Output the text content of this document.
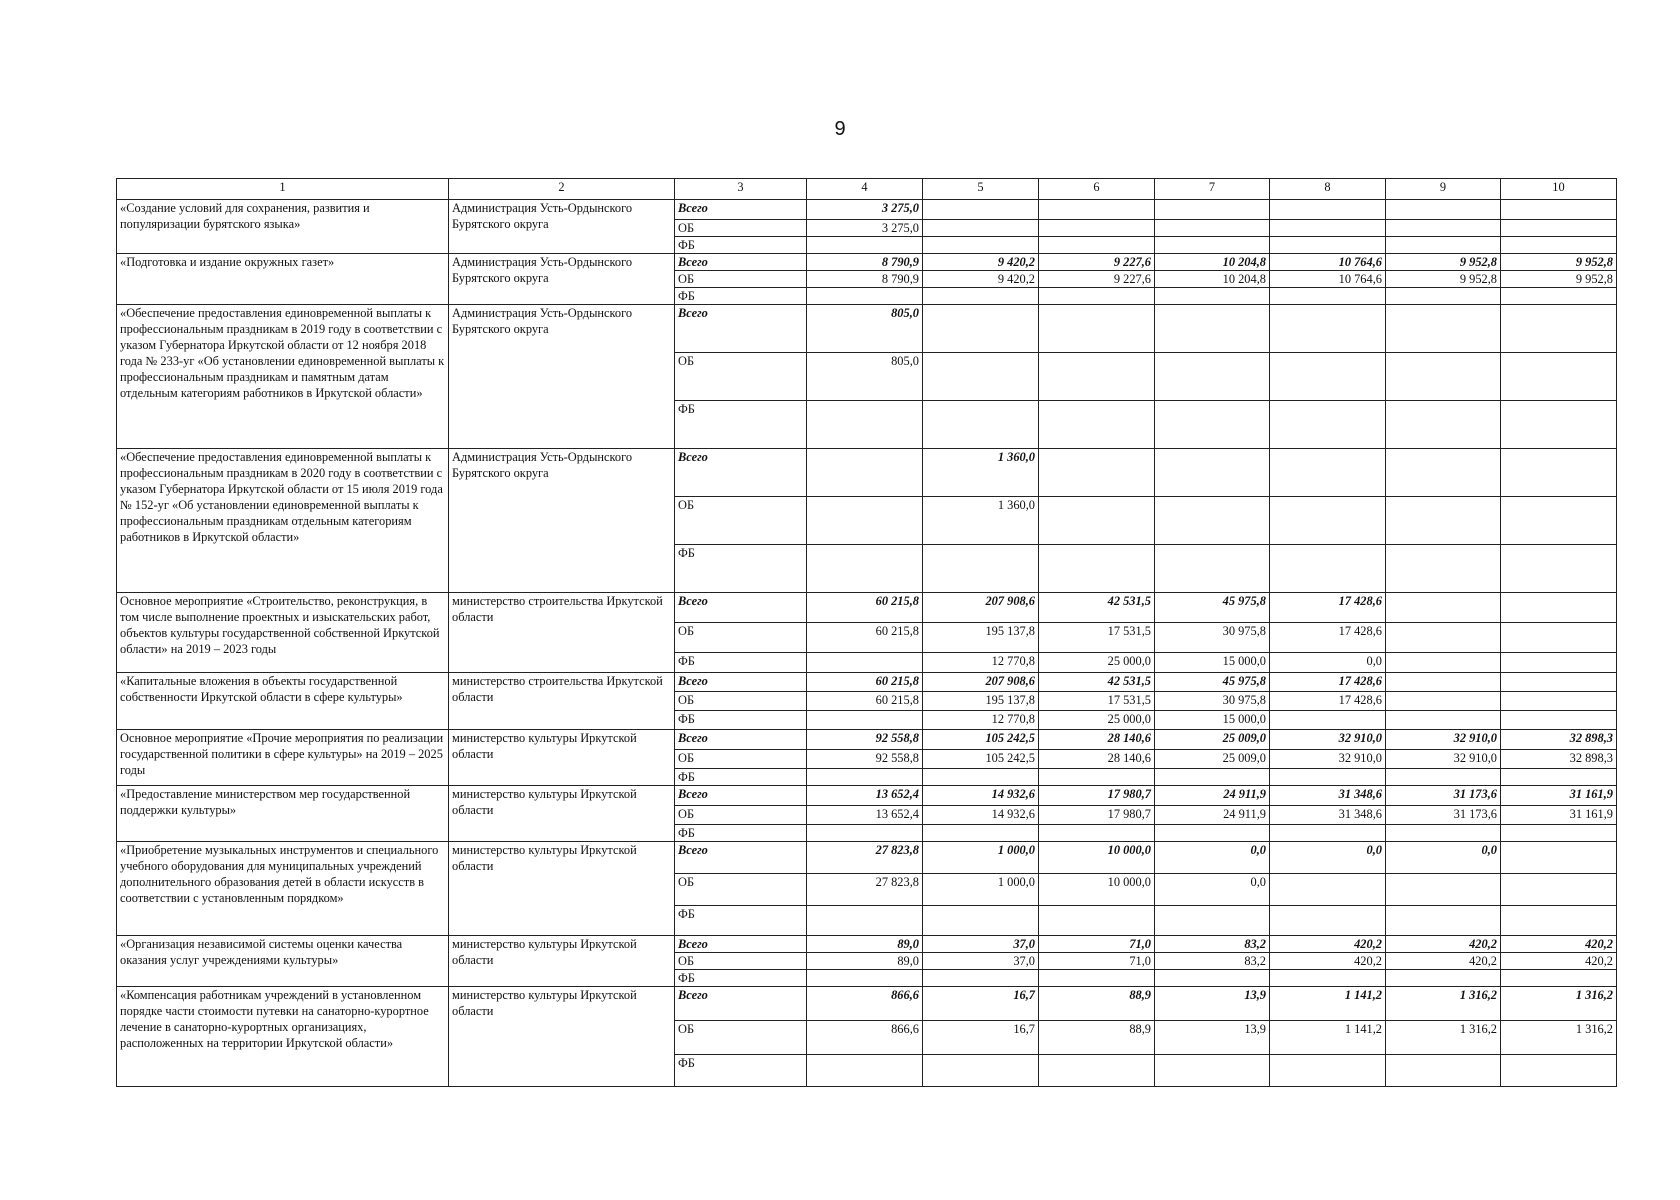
9
1	2	3	4	5	6	7	8	9	10
«Создание условий для сохранения, развития и популяризации бурятского языка»	Администрация Усть-Ордынского Бурятского округа	Всего	3 275,0						
		ОБ	3 275,0						
		ФБ							
«Подготовка и издание окружных газет»	Администрация Усть-Ордынского Бурятского округа	Всего	8 790,9	9 420,2	9 227,6	10 204,8	10 764,6	9 952,8	9 952,8
		ОБ	8 790,9	9 420,2	9 227,6	10 204,8	10 764,6	9 952,8	9 952,8
		ФБ							
«Обеспечение предоставления единовременной выплаты к профессиональным праздникам в 2019 году в соответствии с указом Губернатора Иркутской области от 12 ноября 2018 года № 233-уг «Об установлении единовременной выплаты к профессиональным праздникам и памятным датам отдельным категориям работников в Иркутской области»	Администрация Усть-Ордынского Бурятского округа	Всего	805,0						
		ОБ	805,0						
		ФБ							
«Обеспечение предоставления единовременной выплаты к профессиональным праздникам в 2020 году в соответствии с указом Губернатора Иркутской области от 15 июля 2019 года № 152-уг «Об установлении единовременной выплаты к профессиональным праздникам отдельным категориям работников в Иркутской области»	Администрация Усть-Ордынского Бурятского округа	Всего		1 360,0					
		ОБ		1 360,0					
		ФБ							
Основное мероприятие «Строительство, реконструкция, в том числе выполнение проектных и изыскательских работ, объектов культуры государственной собственной Иркутской области» на 2019 – 2023 годы	министерство строительства Иркутской области	Всего	60 215,8	207 908,6	42 531,5	45 975,8	17 428,6		
		ОБ	60 215,8	195 137,8	17 531,5	30 975,8	17 428,6		
		ФБ		12 770,8	25 000,0	15 000,0	0,0		
«Капитальные вложения в объекты государственной собственности Иркутской области в сфере культуры»	министерство строительства Иркутской области	Всего	60 215,8	207 908,6	42 531,5	45 975,8	17 428,6		
		ОБ	60 215,8	195 137,8	17 531,5	30 975,8	17 428,6		
		ФБ		12 770,8	25 000,0	15 000,0			
Основное мероприятие «Прочие мероприятия по реализации государственной политики в сфере культуры» на 2019 – 2025 годы	министерство культуры Иркутской области	Всего	92 558,8	105 242,5	28 140,6	25 009,0	32 910,0	32 910,0	32 898,3
		ОБ	92 558,8	105 242,5	28 140,6	25 009,0	32 910,0	32 910,0	32 898,3
		ФБ							
«Предоставление министерством мер государственной поддержки культуры»	министерство культуры Иркутской области	Всего	13 652,4	14 932,6	17 980,7	24 911,9	31 348,6	31 173,6	31 161,9
		ОБ	13 652,4	14 932,6	17 980,7	24 911,9	31 348,6	31 173,6	31 161,9
		ФБ							
«Приобретение музыкальных инструментов и специального учебного оборудования для муниципальных учреждений дополнительного образования детей в области искусств в соответствии с установленным порядком»	министерство культуры Иркутской области	Всего	27 823,8	1 000,0	10 000,0	0,0	0,0	0,0	
		ОБ	27 823,8	1 000,0	10 000,0	0,0			
		ФБ							
«Организация независимой системы оценки качества оказания услуг учреждениями культуры»	министерство культуры Иркутской области	Всего	89,0	37,0	71,0	83,2	420,2	420,2	420,2
		ОБ	89,0	37,0	71,0	83,2	420,2	420,2	420,2
		ФБ							
«Компенсация работникам учреждений в установленном порядке части стоимости путевки на санаторно-курортное лечение в санаторно-курортных организациях, расположенных на территории Иркутской области»	министерство культуры Иркутской области	Всего	866,6	16,7	88,9	13,9	1 141,2	1 316,2	1 316,2
		ОБ	866,6	16,7	88,9	13,9	1 141,2	1 316,2	1 316,2
		ФБ							
